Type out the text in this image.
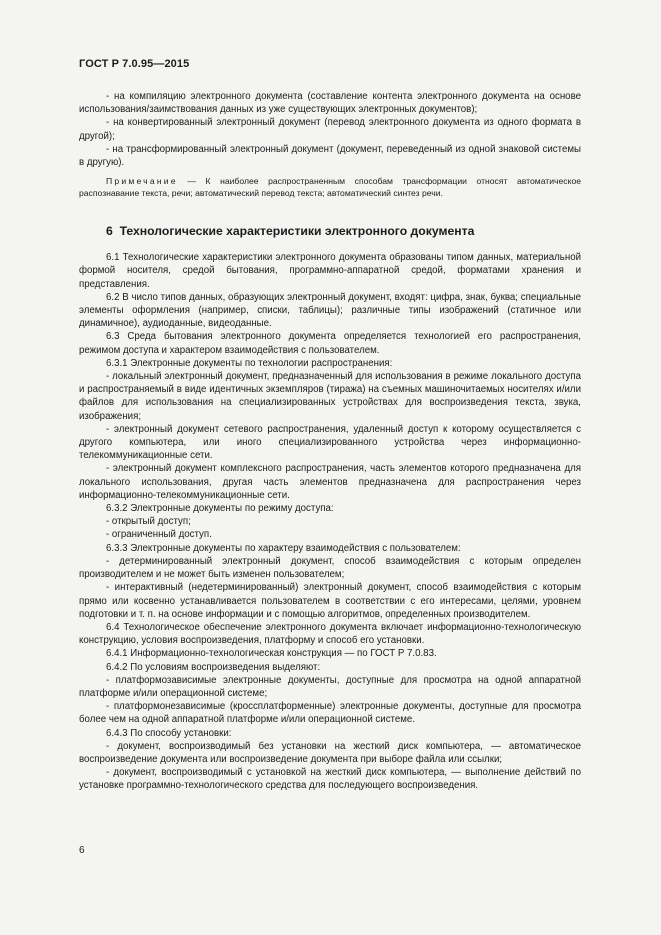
ГОСТ Р 7.0.95—2015

- на компиляцию электронного документа (составление контента электронного документа на основе использования/заимствования данных из уже существующих электронных документов);

- на конвертированный электронный документ (перевод электронного документа из одного формата в другой);

- на трансформированный электронный документ (документ, переведенный из одной знаковой системы в другую).

Примечание — К наиболее распространенным способам трансформации относят автоматическое распознавание текста, речи; автоматический перевод текста; автоматический синтез речи.

6 Технологические характеристики электронного документа

6.1 Технологические характеристики электронного документа образованы типом данных, материальной формой носителя, средой бытования, программно-аппаратной средой, форматами хранения и представления.

6.2 В число типов данных, образующих электронный документ, входят: цифра, знак, буква; специальные элементы оформления (например, списки, таблицы); различные типы изображений (статичное или динамичное), аудиоданные, видеоданные.

6.3 Среда бытования электронного документа определяется технологией его распространения, режимом доступа и характером взаимодействия с пользователем.

6.3.1 Электронные документы по технологии распространения:

- локальный электронный документ, предназначенный для использования в режиме локального доступа и распространяемый в виде идентичных экземпляров (тиража) на съемных машиночитаемых носителях и/или файлов для использования на специализированных устройствах для воспроизведения текста, звука, изображения;

- электронный документ сетевого распространения, удаленный доступ к которому осуществляется с другого компьютера, или иного специализированного устройства через информационно-телекоммуникационные сети.

- электронный документ комплексного распространения, часть элементов которого предназначена для локального использования, другая часть элементов предназначена для распространения через информационно-телекоммуникационные сети.

6.3.2 Электронные документы по режиму доступа:

- открытый доступ;

- ограниченный доступ.

6.3.3 Электронные документы по характеру взаимодействия с пользователем:

- детерминированный электронный документ, способ взаимодействия с которым определен производителем и не может быть изменен пользователем;

- интерактивный (недетерминированный) электронный документ, способ взаимодействия с которым прямо или косвенно устанавливается пользователем в соответствии с его интересами, целями, уровнем подготовки и т. п. на основе информации и с помощью алгоритмов, определенных производителем.

6.4 Технологическое обеспечение электронного документа включает информационно-технологическую конструкцию, условия воспроизведения, платформу и способ его установки.

6.4.1 Информационно-технологическая конструкция — по ГОСТ Р 7.0.83.

6.4.2 По условиям воспроизведения выделяют:

- платформозависимые электронные документы, доступные для просмотра на одной аппаратной платформе и/или операционной системе;

- платформонезависимые (кроссплатформенные) электронные документы, доступные для просмотра более чем на одной аппаратной платформе и/или операционной системе.

6.4.3 По способу установки:

- документ, воспроизводимый без установки на жесткий диск компьютера, — автоматическое воспроизведение документа или воспроизведение документа при выборе файла или ссылки;

- документ, воспроизводимый с установкой на жесткий диск компьютера, — выполнение действий по установке программно-технологического средства для последующего воспроизведения.

6
